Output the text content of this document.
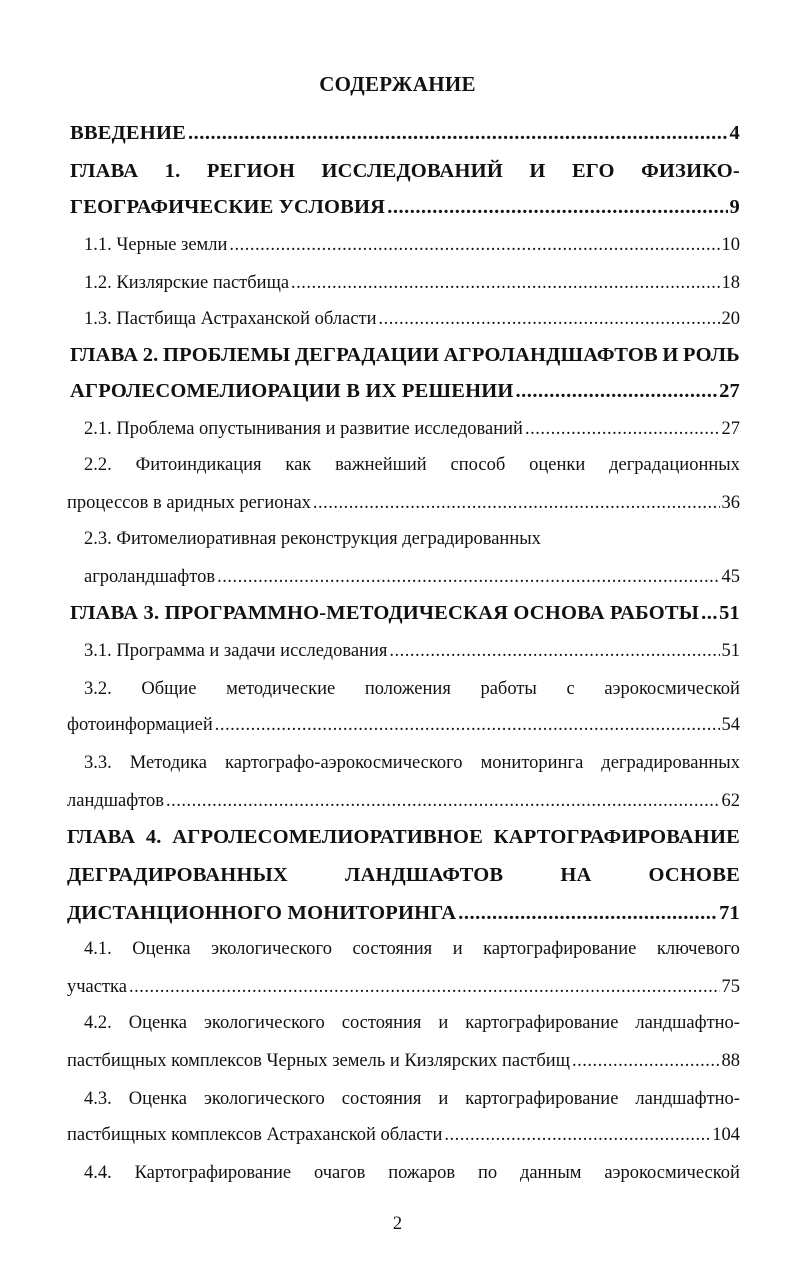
СОДЕРЖАНИЕ
ВВЕДЕНИЕ .....	4
ГЛАВА 1. РЕГИОН ИССЛЕДОВАНИЙ И ЕГО ФИЗИКО-
ГЕОГРАФИЧЕСКИЕ УСЛОВИЯ .....	9
1.1. Черные земли .....	10
1.2. Кизлярские пастбища .....	18
1.3. Пастбища Астраханской области .....	20
ГЛАВА 2. ПРОБЛЕМЫ ДЕГРАДАЦИИ АГРОЛАНДШАФТОВ И РОЛЬ
АГРОЛЕСОМЕЛИОРАЦИИ В ИХ РЕШЕНИИ .....	27
2.1. Проблема опустынивания и развитие исследований .....	27
2.2. Фитоиндикация как важнейший способ оценки деградационных
процессов в аридных регионах .....	36
2.3. Фитомелиоративная реконструкция деградированных
агроландшафтов .....	45
ГЛАВА 3. ПРОГРАММНО-МЕТОДИЧЕСКАЯ ОСНОВА РАБОТЫ ..... 51
3.1. Программа и задачи исследования .....	51
3.2. Общие методические положения работы с аэрокосмической
фотоинформацией .....	54
3.3. Методика картографо-аэрокосмического мониторинга деградированных
ландшафтов .....	62
ГЛАВА 4. АГРОЛЕСОМЕЛИОРАТИВНОЕ КАРТОГРАФИРОВАНИЕ
ДЕГРАДИРОВАННЫХ	ЛАНДШАФТОВ	НА	ОСНОВЕ
ДИСТАНЦИОННОГО МОНИТОРИНГА .....	71
4.1. Оценка экологического состояния и картографирование ключевого
участка .....	75
4.2. Оценка экологического состояния и картографирование ландшафтно-
пастбищных комплексов Черных земель и Кизлярских пастбищ .....	88
4.3. Оценка экологического состояния и картографирование ландшафтно-
пастбищных комплексов Астраханской области .....	104
4.4. Картографирование очагов пожаров по данным аэрокосмической
2
